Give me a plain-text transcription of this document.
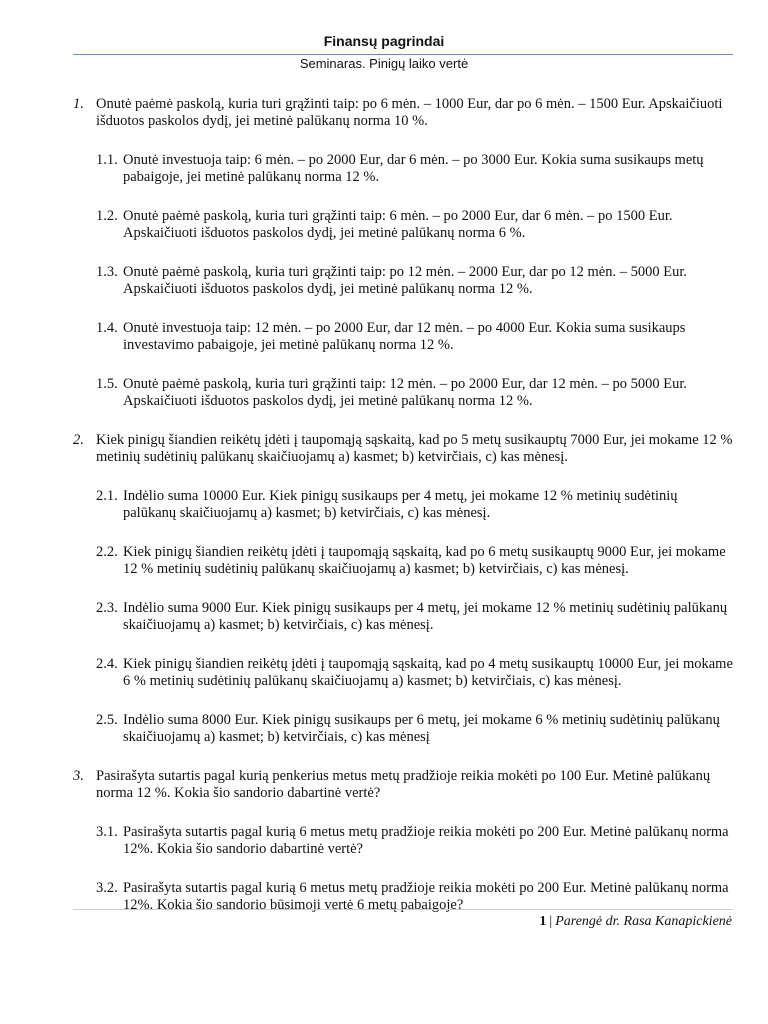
Finansų pagrindai
Seminaras. Pinigų laiko vertė
1. Onutė paėmė paskolą, kuria turi grąžinti taip: po 6 mėn. – 1000 Eur, dar po 6 mėn. – 1500 Eur. Apskaičiuoti išduotos paskolos dydį, jei metinė palūkanų norma 10 %.
1.1. Onutė investuoja taip: 6 mėn. – po 2000 Eur, dar 6 mėn. – po 3000 Eur. Kokia suma susikaups metų pabaigoje, jei metinė palūkanų norma 12 %.
1.2. Onutė paėmė paskolą, kuria turi grąžinti taip: 6 mėn. – po 2000 Eur, dar 6 mėn. – po 1500 Eur. Apskaičiuoti išduotos paskolos dydį, jei metinė palūkanų norma 6 %.
1.3. Onutė paėmė paskolą, kuria turi grąžinti taip: po 12 mėn. – 2000 Eur, dar po 12 mėn. – 5000 Eur. Apskaičiuoti išduotos paskolos dydį, jei metinė palūkanų norma 12 %.
1.4. Onutė investuoja taip: 12 mėn. – po 2000 Eur, dar 12 mėn. – po 4000 Eur. Kokia suma susikaups investavimo pabaigoje, jei metinė palūkanų norma 12 %.
1.5. Onutė paėmė paskolą, kuria turi grąžinti taip: 12 mėn. – po 2000 Eur, dar 12 mėn. – po 5000 Eur. Apskaičiuoti išduotos paskolos dydį, jei metinė palūkanų norma 12 %.
2. Kiek pinigų šiandien reikėtų įdėti į taupomąją sąskaitą, kad po 5 metų susikauptų 7000 Eur, jei mokame 12 % metinių sudėtinių palūkanų skaičiuojamų a) kasmet; b) ketvirčiais, c) kas mėnesį.
2.1. Indėlio suma 10000 Eur. Kiek pinigų susikaups per 4 metų, jei mokame 12 % metinių sudėtinių palūkanų skaičiuojamų a) kasmet; b) ketvirčiais, c) kas mėnesį.
2.2. Kiek pinigų šiandien reikėtų įdėti į taupomąją sąskaitą, kad po 6 metų susikauptų 9000 Eur, jei mokame 12 % metinių sudėtinių palūkanų skaičiuojamų a) kasmet; b) ketvirčiais, c) kas mėnesį.
2.3. Indėlio suma 9000 Eur. Kiek pinigų susikaups per 4 metų, jei mokame 12 % metinių sudėtinių palūkanų skaičiuojamų a) kasmet; b) ketvirčiais, c) kas mėnesį.
2.4. Kiek pinigų šiandien reikėtų įdėti į taupomąją sąskaitą, kad po 4 metų susikauptų 10000 Eur, jei mokame 6 % metinių sudėtinių palūkanų skaičiuojamų a) kasmet; b) ketvirčiais, c) kas mėnesį.
2.5. Indėlio suma 8000 Eur. Kiek pinigų susikaups per 6 metų, jei mokame 6 % metinių sudėtinių palūkanų skaičiuojamų a) kasmet; b) ketvirčiais, c) kas mėnesį
3. Pasirašyta sutartis pagal kurią penkerius metus metų pradžioje reikia mokėti po 100 Eur. Metinė palūkanų norma 12 %. Kokia šio sandorio dabartinė vertė?
3.1. Pasirašyta sutartis pagal kurią 6 metus metų pradžioje reikia mokėti po 200 Eur. Metinė palūkanų norma 12%. Kokia šio sandorio dabartinė vertė?
3.2. Pasirašyta sutartis pagal kurią 6 metus metų pradžioje reikia mokėti po 200 Eur. Metinė palūkanų norma 12%. Kokia šio sandorio būsimoji vertė 6 metų pabaigoje?
1 | Parengė dr. Rasa Kanapickienė
